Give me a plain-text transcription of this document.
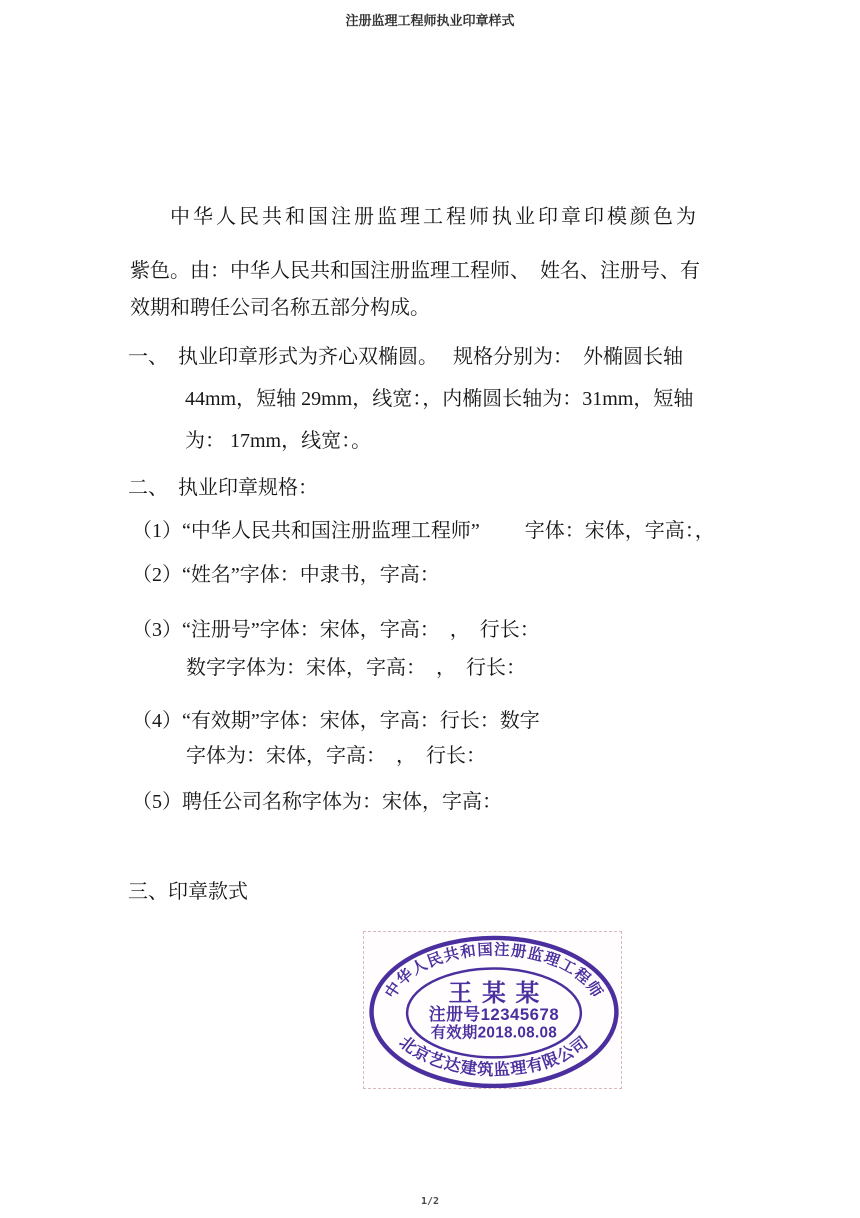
注册监理工程师执业印章样式
中华人民共和国注册监理工程师执业印章印模颜色为
紫色。由：中华人民共和国注册监理工程师、　姓名、注册号、有
效期和聘任公司名称五部分构成。
一、　执业印章形式为齐心双椭圆。　 规格分别为：　外椭圆长轴
44mm，短轴 29mm，线宽：，内椭圆长轴为：31mm，短轴
为： 17mm，线宽：。
二、　执业印章规格：
（1）“中华人民共和国注册监理工程师”　　 字体：宋体，字高：，
（2）“姓名”字体：中隶书，字高：
（3）“注册号”字体：宋体，字高：　，　行长：
数字字体为：宋体，字高：　，　行长：
（4）“有效期”字体：宋体，字高：行长：数字
字体为：宋体，字高：　，　行长：
（5）聘任公司名称字体为：宋体，字高：
三、印章款式
中华人民共和国注册监理工程师
王某某
注册号12345678
有效期2018.08.08
北京艺达建筑监理有限公司
1/2
